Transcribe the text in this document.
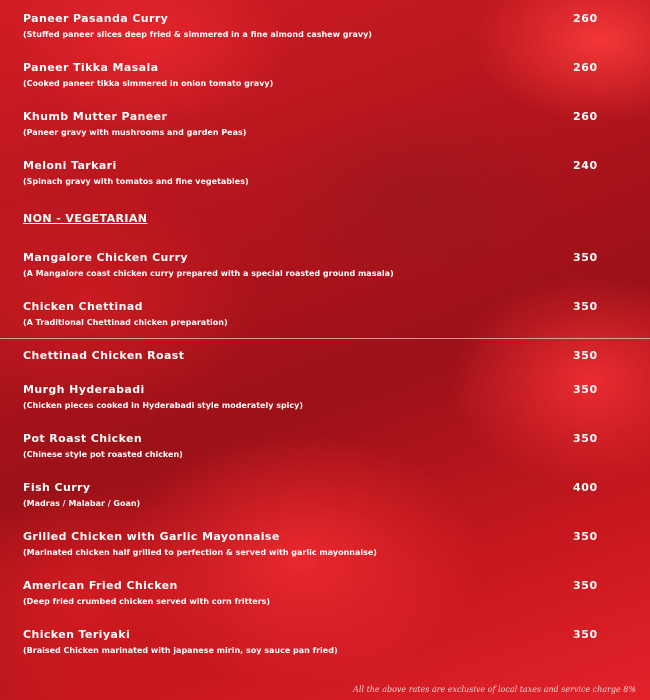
Paneer Pasanda Curry	260
(Stuffed paneer slices deep fried & simmered in a fine almond cashew gravy)
Paneer Tikka Masala	260
(Cooked paneer tikka simmered in onion tomato gravy)
Khumb Mutter Paneer	260
(Paneer gravy with mushrooms and garden Peas)
Meloni Tarkari	240
(Spinach gravy with tomatos and fine vegetables)
NON - VEGETARIAN
Mangalore Chicken Curry	350
(A Mangalore coast chicken curry prepared with a special roasted ground masala)
Chicken Chettinad	350
(A Traditional Chettinad chicken preparation)
Chettinad Chicken Roast	350
Murgh Hyderabadi	350
(Chicken pieces cooked in Hyderabadi style moderately spicy)
Pot Roast Chicken	350
(Chinese style pot roasted chicken)
Fish Curry	400
(Madras / Malabar / Goan)
Grilled Chicken with Garlic Mayonnaise	350
(Marinated chicken half grilled to perfection & served with garlic mayonnaise)
American Fried Chicken	350
(Deep fried crumbed chicken served with corn fritters)
Chicken Teriyaki	350
(Braised Chicken marinated with japanese mirin, soy sauce pan fried)
All the above rates are exclusive of local taxes and service charge 8%
